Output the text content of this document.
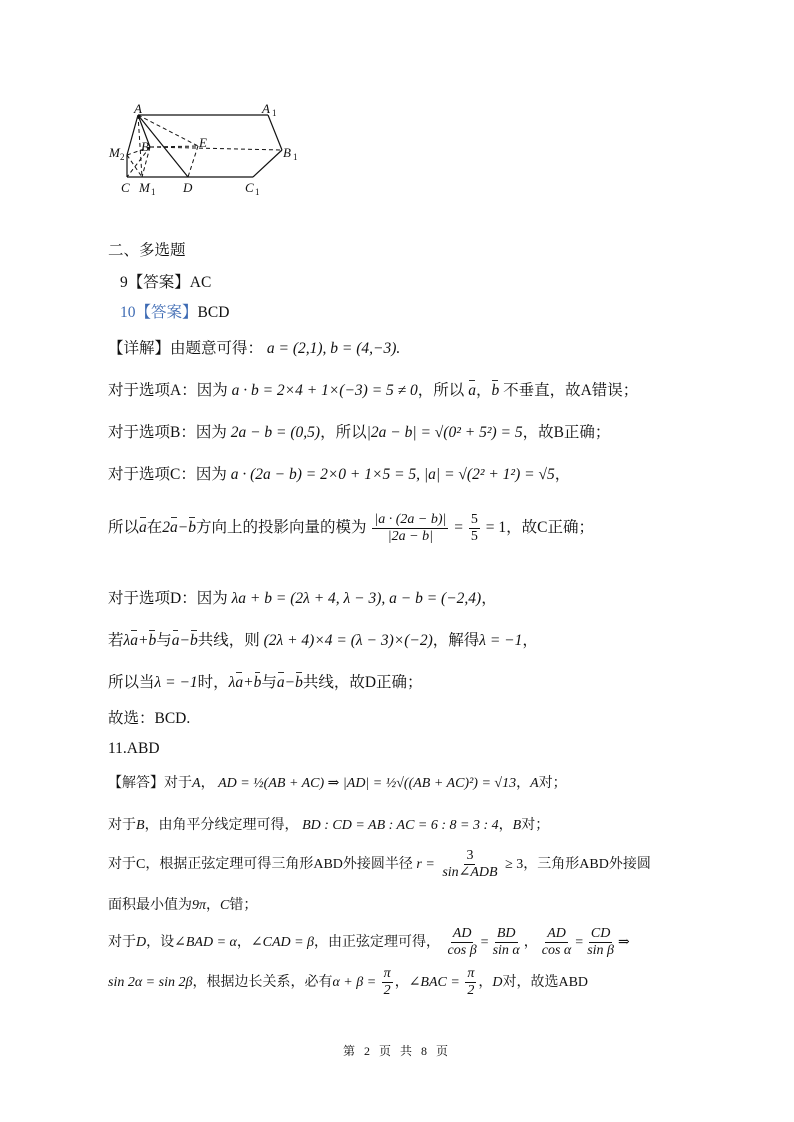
A	A 1
M 2
B	E
B 1
C M 1 D	C 1
二、多选题
9【答案】AC
10【答案】BCD
【详解】由题意可得： a = (2,1), b = (4,−3).
对于选项A：因为 a · b = 2×4 + 1×(−3) = 5 ≠ 0，所以 a，b 不垂直，故A错误；
对于选项B：因为 2a − b = (0,5)，所以|2a − b| = √(0² + 5²) = 5，故B正确；
对于选项C：因为 a · (2a − b) = 2×0 + 1×5 = 5, |a| = √(2² + 1²) = √5，
所以a在2a−b方向上的投影向量的模为 $\frac{|a \cdot (2a - b)|}{|2a - b|} = \frac{5}{5} = 1$，故C正确；
对于选项D：因为 λa + b = (2λ + 4, λ − 3), a − b = (−2,4)，
若λa+b与a−b共线，则 (2λ + 4)×4 = (λ − 3)×(−2)，解得λ = −1，
所以当λ = −1时，λa+b与a−b共线，故D正确；
故选：BCD.
11.ABD
【解答】对于A， AD = ½(AB + AC) ⇒ |AD| = ½√((AB + AC)²) = √13，A对；
对于B，由角平分线定理可得， BD : CD = AB : AC = 6 : 8 = 3 : 4，B对；
对于C，根据正弦定理可得三角形ABD外接圆半径 $r = \frac{3}{\text{sin∠ADB}} \ge 3$，三角形ABD外接圆
面积最小值为9π，C错；
对于D，设∠BAD = α，∠CAD = β，由正弦定理可得， $\frac{AD}{\text{cos β}} = \frac{BD}{\text{sin α}}$ ， $\frac{AD}{\text{cos α}} = \frac{CD}{\text{sin β}}$ ⇒
sin 2α = sin 2β，根据边长关系，必有$\alpha + \beta = \frac{\pi}{2}$ ，∠BAC = $\frac{\pi}{2}$ ，D对，故选ABD
第 2 页 共 8 页
